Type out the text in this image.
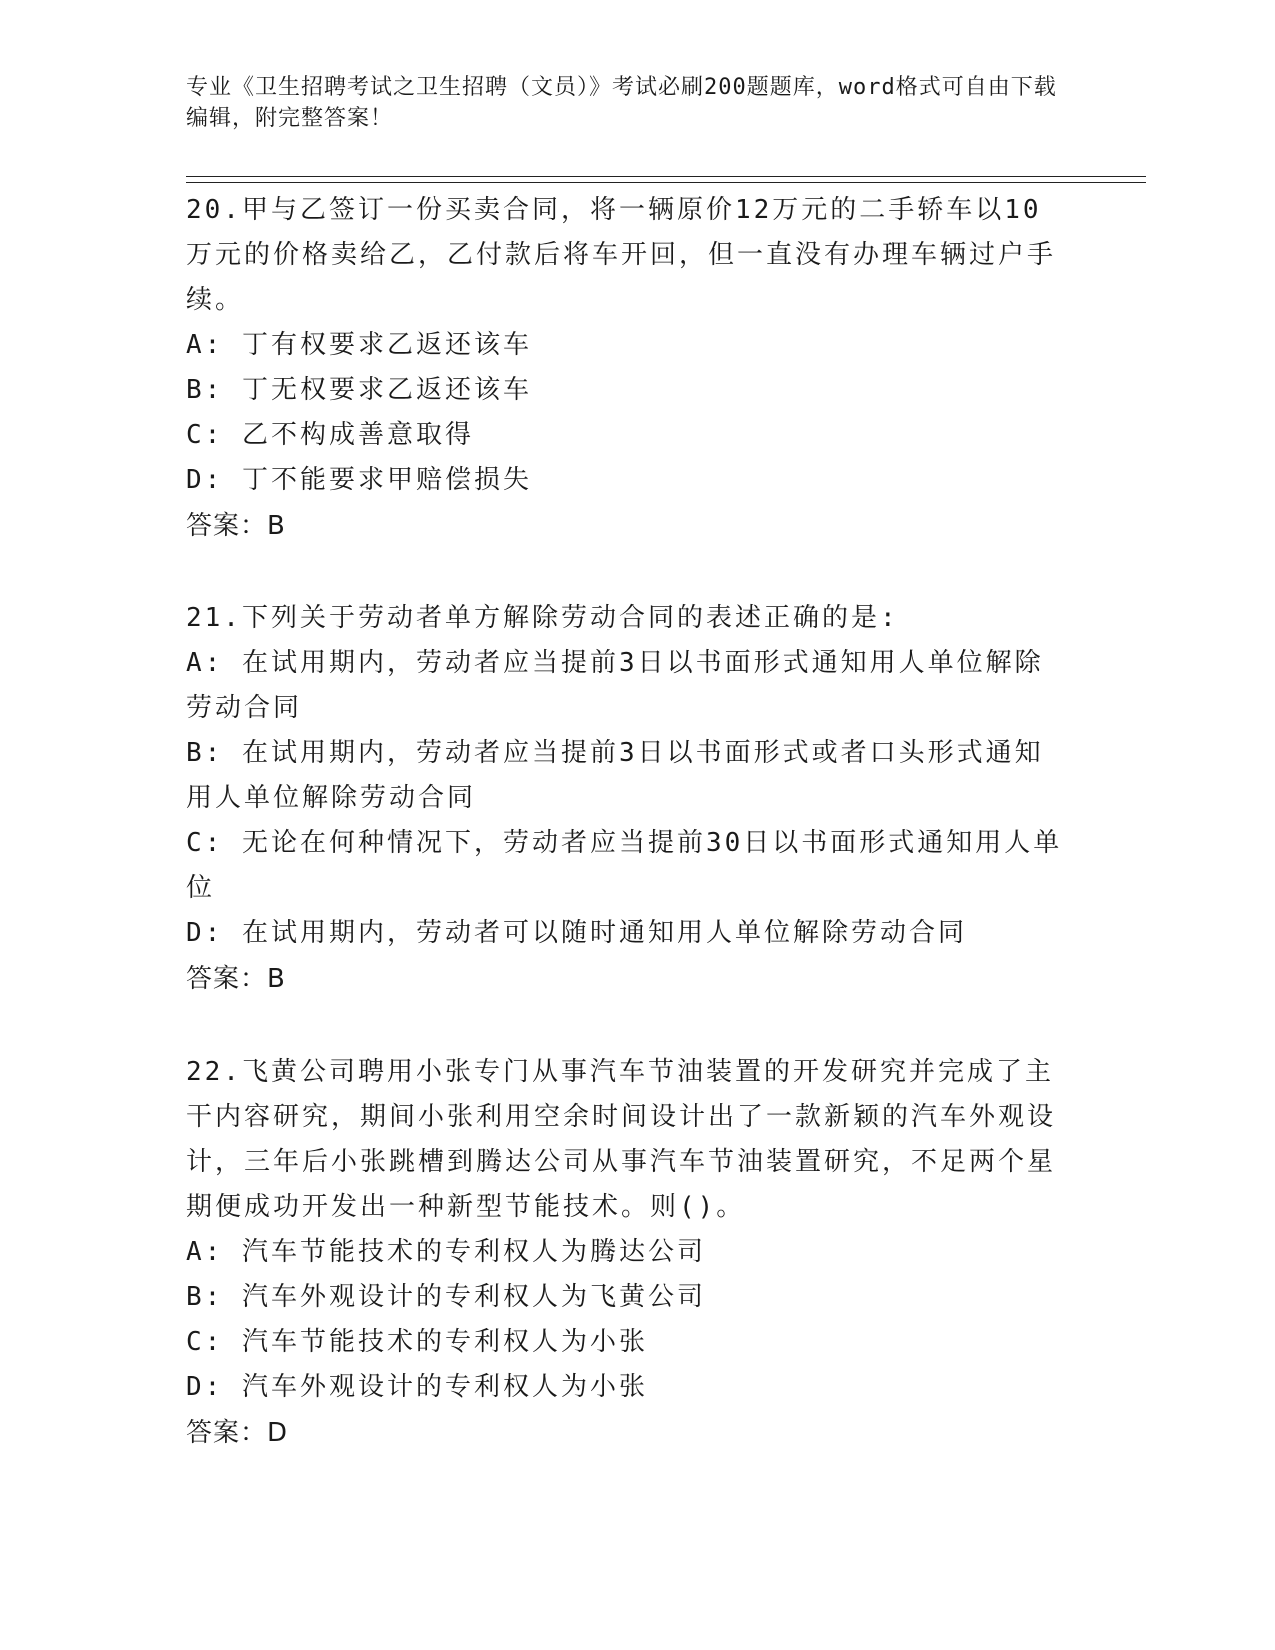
专业《卫生招聘考试之卫生招聘（文员）》考试必刷200题题库，word格式可自由下载编辑，附完整答案！

20.甲与乙签订一份买卖合同，将一辆原价12万元的二手轿车以10万元的价格卖给乙，乙付款后将车开回，但一直没有办理车辆过户手续。

A: 丁有权要求乙返还该车

B: 丁无权要求乙返还该车

C: 乙不构成善意取得

D: 丁不能要求甲赔偿损失

答案：B

21.下列关于劳动者单方解除劳动合同的表述正确的是:

A: 在试用期内，劳动者应当提前3日以书面形式通知用人单位解除劳动合同

B: 在试用期内，劳动者应当提前3日以书面形式或者口头形式通知用人单位解除劳动合同

C: 无论在何种情况下，劳动者应当提前30日以书面形式通知用人单位

D: 在试用期内，劳动者可以随时通知用人单位解除劳动合同

答案：B

22.飞黄公司聘用小张专门从事汽车节油装置的开发研究并完成了主干内容研究，期间小张利用空余时间设计出了一款新颖的汽车外观设计，三年后小张跳槽到腾达公司从事汽车节油装置研究，不足两个星期便成功开发出一种新型节能技术。则()。

A: 汽车节能技术的专利权人为腾达公司

B: 汽车外观设计的专利权人为飞黄公司

C: 汽车节能技术的专利权人为小张

D: 汽车外观设计的专利权人为小张

答案：D
